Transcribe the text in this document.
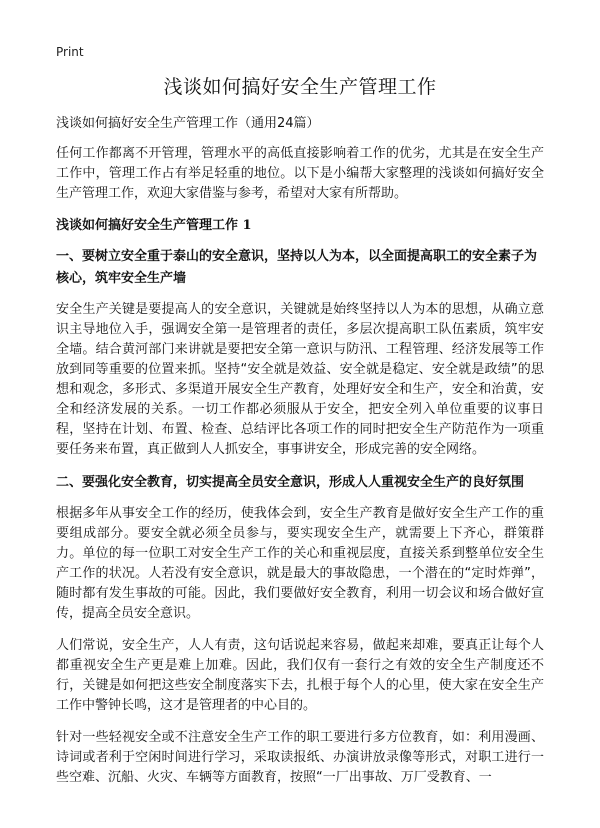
Print
浅谈如何搞好安全生产管理工作

浅谈如何搞好安全生产管理工作（通用24篇）

任何工作都离不开管理，管理水平的高低直接影响着工作的优劣，尤其是在安全生产工作中，管理工作占有举足轻重的地位。以下是小编帮大家整理的浅谈如何搞好安全生产管理工作，欢迎大家借鉴与参考，希望对大家有所帮助。

浅谈如何搞好安全生产管理工作 1

一、要树立安全重于泰山的安全意识，坚持以人为本，以全面提高职工的安全素子为核心，筑牢安全生产墙

安全生产关键是要提高人的安全意识，关键就是始终坚持以人为本的思想，从确立意识主导地位入手，强调安全第一是管理者的责任，多层次提高职工队伍素质，筑牢安全墙。结合黄河部门来讲就是要把安全第一意识与防汛、工程管理、经济发展等工作放到同等重要的位置来抓。坚持“安全就是效益、安全就是稳定、安全就是政绩”的思想和观念，多形式、多渠道开展安全生产教育，处理好安全和生产，安全和治黄，安全和经济发展的关系。一切工作都必须服从于安全，把安全列入单位重要的议事日程，坚持在计划、布置、检查、总结评比各项工作的同时把安全生产防范作为一项重要任务来布置，真正做到人人抓安全，事事讲安全，形成完善的安全网络。

二、要强化安全教育，切实提高全员安全意识，形成人人重视安全生产的良好氛围

根据多年从事安全工作的经历，使我体会到，安全生产教育是做好安全生产工作的重要组成部分。要安全就必须全员参与，要实现安全生产，就需要上下齐心，群策群力。单位的每一位职工对安全生产工作的关心和重视层度，直接关系到整单位安全生产工作的状况。人若没有安全意识，就是最大的事故隐患，一个潜在的“定时炸弹”，随时都有发生事故的可能。因此，我们要做好安全教育，利用一切会议和场合做好宣传，提高全员安全意识。

人们常说，安全生产，人人有责，这句话说起来容易，做起来却难，要真正让每个人都重视安全生产更是难上加难。因此，我们仅有一套行之有效的安全生产制度还不行，关键是如何把这些安全制度落实下去，扎根于每个人的心里，使大家在安全生产工作中警钟长鸣，这才是管理者的中心目的。

针对一些轻视安全或不注意安全生产工作的职工要进行多方位教育，如：利用漫画、诗词或者利于空闲时间进行学习，采取读报纸、办演讲放录像等形式，对职工进行一些空难、沉船、火灾、车辆等方面教育，按照“一厂出事故、万厂受教育、一
